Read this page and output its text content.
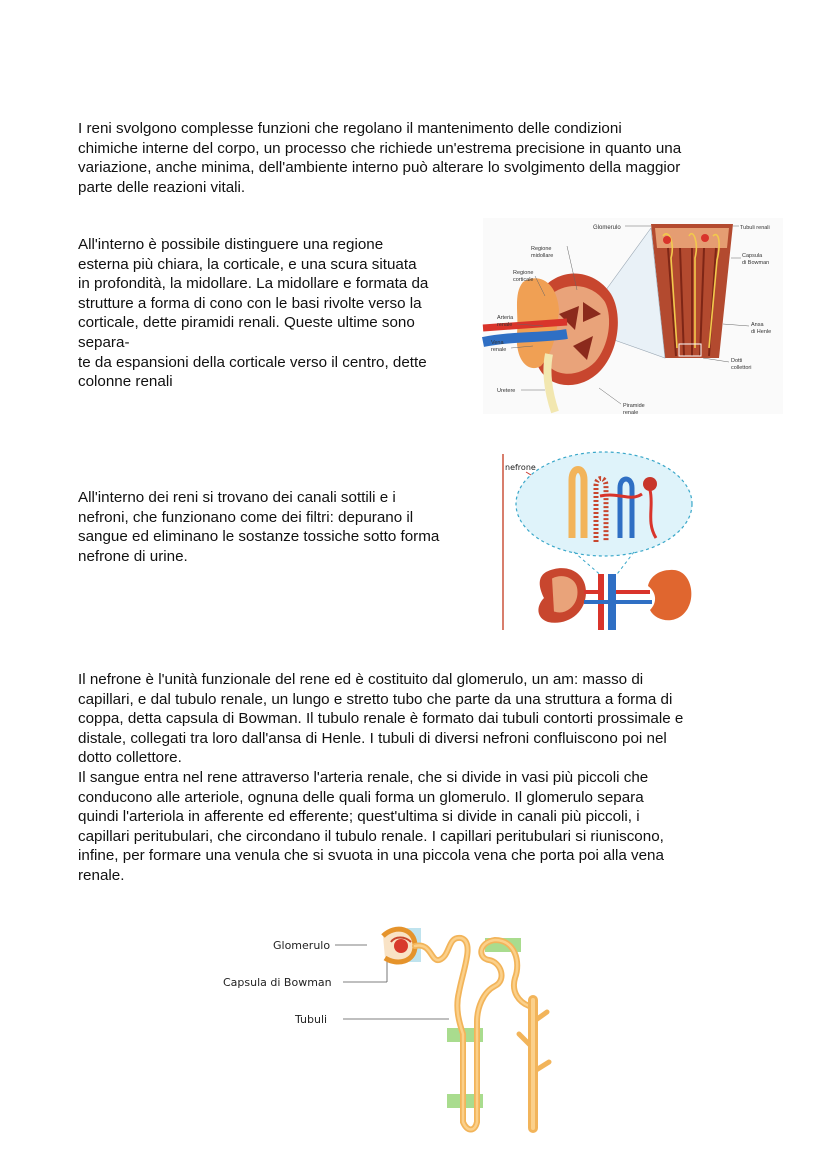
I reni svolgono complesse funzioni che regolano il mantenimento delle condizioni
chimiche interne del corpo, un processo che richiede un'estrema precisione in quanto una
variazione, anche minima, dell'ambiente interno può alterare lo svolgimento della maggior
parte delle reazioni vitali.

All'interno è possibile distinguere una regione
esterna più chiara, la corticale, e una scura situata
in profondità, la midollare. La midollare e formata da
strutture a forma di cono con le basi rivolte verso la
corticale, dette piramidi renali. Queste ultime sono
separa-
te da espansioni della corticale verso il centro, dette
colonne renali

All'interno dei reni si trovano dei canali sottili e i
nefroni, che funzionano come dei filtri: depurano il
sangue ed eliminano le sostanze tossiche sotto forma
nefrone di urine.

Il nefrone è l'unità funzionale del rene ed è costituito dal glomerulo, un am: masso di
capillari, e dal tubulo renale, un lungo e stretto tubo che parte da una struttura a forma di
coppa, detta capsula di Bowman. Il tubulo renale è formato dai tubuli contorti prossimale e
distale, collegati tra loro dall'ansa di Henle. I tubuli di diversi nefroni confluiscono poi nel
dotto collettore.
Il sangue entra nel rene attraverso l'arteria renale, che si divide in vasi più piccoli che
conducono alle arteriole, ognuna delle quali forma un glomerulo. Il glomerulo separa
quindi l'arteriola in afferente ed efferente; quest'ultima si divide in canali più piccoli, i
capillari peritubulari, che circondano il tubulo renale. I capillari peritubulari si riuniscono,
infine, per formare una venula che si svuota in una piccola vena che porta poi alla vena
renale.

Glomerulo	Tubuli renali
Regione
midollare
Regione
corticale
Capsula
di Bowman
Arteria
renale
Vena
renale
Ansa
di Henle
Dotti
collettori
Uretere
Piramide
renale
nefrone
Glomerulo
Capsula di Bowman
Tubuli
